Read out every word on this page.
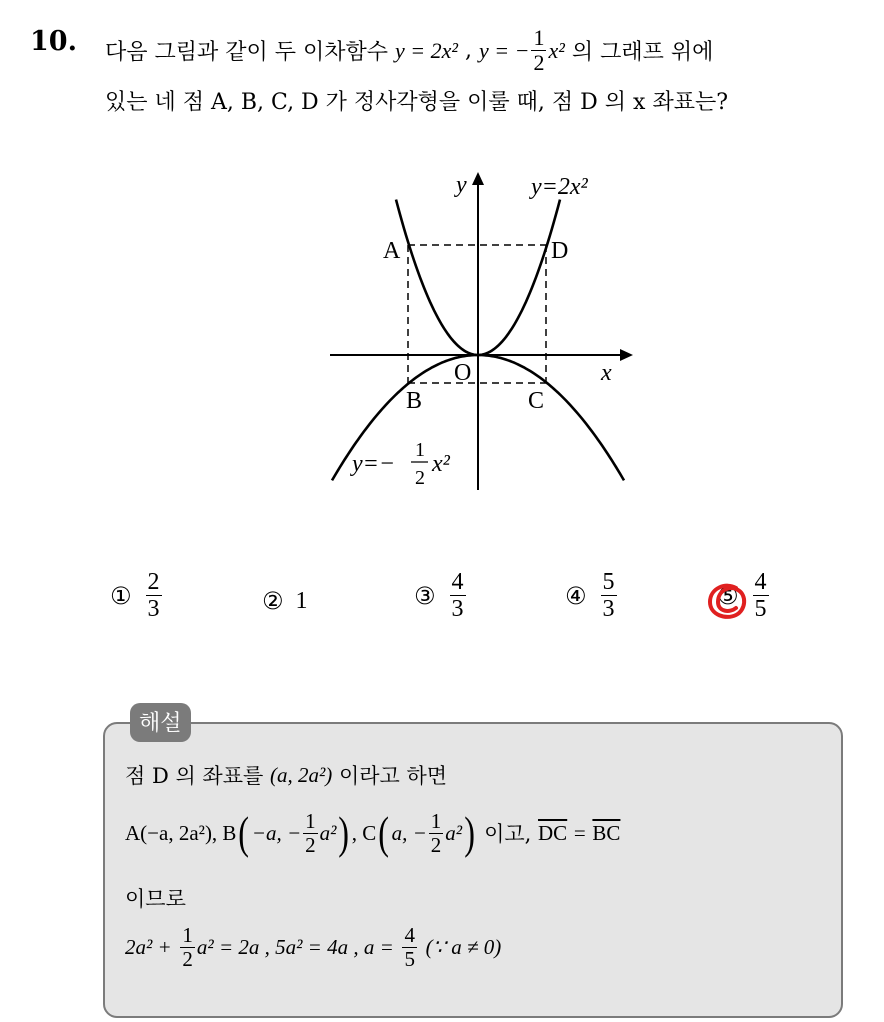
10. 다음 그림과 같이 두 이차함수
y = 2x²
,
y = − $\frac{1}{2} x^2$
의 그래프 위에
있는 네 점 A, B, C, D 가 정사각형을 이룰 때, 점 D 의 x 좌표는?
y
x
O
A	D
B	C
y=2x²
y=−
1
2
x²
① $\frac{2}{3}$	② 1	③ $\frac{4}{3}$	④ $\frac{5}{3}$	⑤ $\frac{4}{5}$
해설
점 D 의 좌표를
(a, 2a²)
이라고 하면
A(−a, 2a²), B ( −a, − $\frac{1}{2} a^2$ ) , C ( a, − $\frac{1}{2} a^2$ )
이고,
$\overline{DC}$
=
$\overline{BC}$
이므로
2a² +
$\frac{1}{2} a^2 = 2a$ , 5a² = 4a , a =
$\frac{4}{5}$
(∵ a ≠ 0)
